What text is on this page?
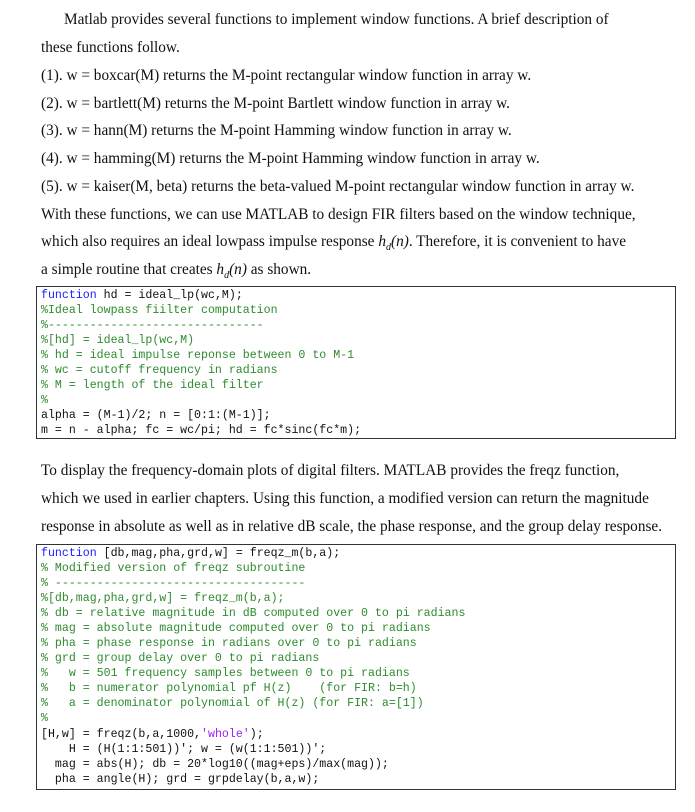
Matlab provides several functions to implement window functions. A brief description of
these functions follow.
(1). w = boxcar(M) returns the M-point rectangular window function in array w.
(2). w = bartlett(M) returns the M-point Bartlett window function in array w.
(3). w = hann(M) returns the M-point Hamming window function in array w.
(4). w = hamming(M) returns the M-point Hamming window function in array w.
(5). w = kaiser(M, beta) returns the beta-valued M-point rectangular window function in array w.
With these functions, we can use MATLAB to design FIR filters based on the window technique,
which also requires an ideal lowpass impulse response $h_d(n)$. Therefore, it is convenient to have
a simple routine that creates $h_d(n)$ as shown.
function hd = ideal_lp(wc,M);
%Ideal lowpass fiilter computation
%-------------------------------
%[hd] = ideal_lp(wc,M)
% hd = ideal impulse reponse between 0 to M-1
% wc = cutoff frequency in radians
% M = length of the ideal filter
%
alpha = (M-1)/2; n = [0:1:(M-1)];
m = n - alpha; fc = wc/pi; hd = fc*sinc(fc*m);
To display the frequency-domain plots of digital filters. MATLAB provides the freqz function,
which we used in earlier chapters. Using this function, a modified version can return the magnitude
response in absolute as well as in relative dB scale, the phase response, and the group delay response.
function [db,mag,pha,grd,w] = freqz_m(b,a);
% Modified version of freqz subroutine
% ------------------------------------
%[db,mag,pha,grd,w] = freqz_m(b,a);
% db = relative magnitude in dB computed over 0 to pi radians
% mag = absolute magnitude computed over 0 to pi radians
% pha = phase response in radians over 0 to pi radians
% grd = group delay over 0 to pi radians
%   w = 501 frequency samples between 0 to pi radians
%   b = numerator polynomial pf H(z)    (for FIR: b=h)
%   a = denominator polynomial of H(z) (for FIR: a=[1])
%
[H,w] = freqz(b,a,1000,'whole');
H = (H(1:1:501))'; w = (w(1:1:501))';
mag = abs(H); db = 20*log10((mag+eps)/max(mag));
pha = angle(H); grd = grpdelay(b,a,w);
